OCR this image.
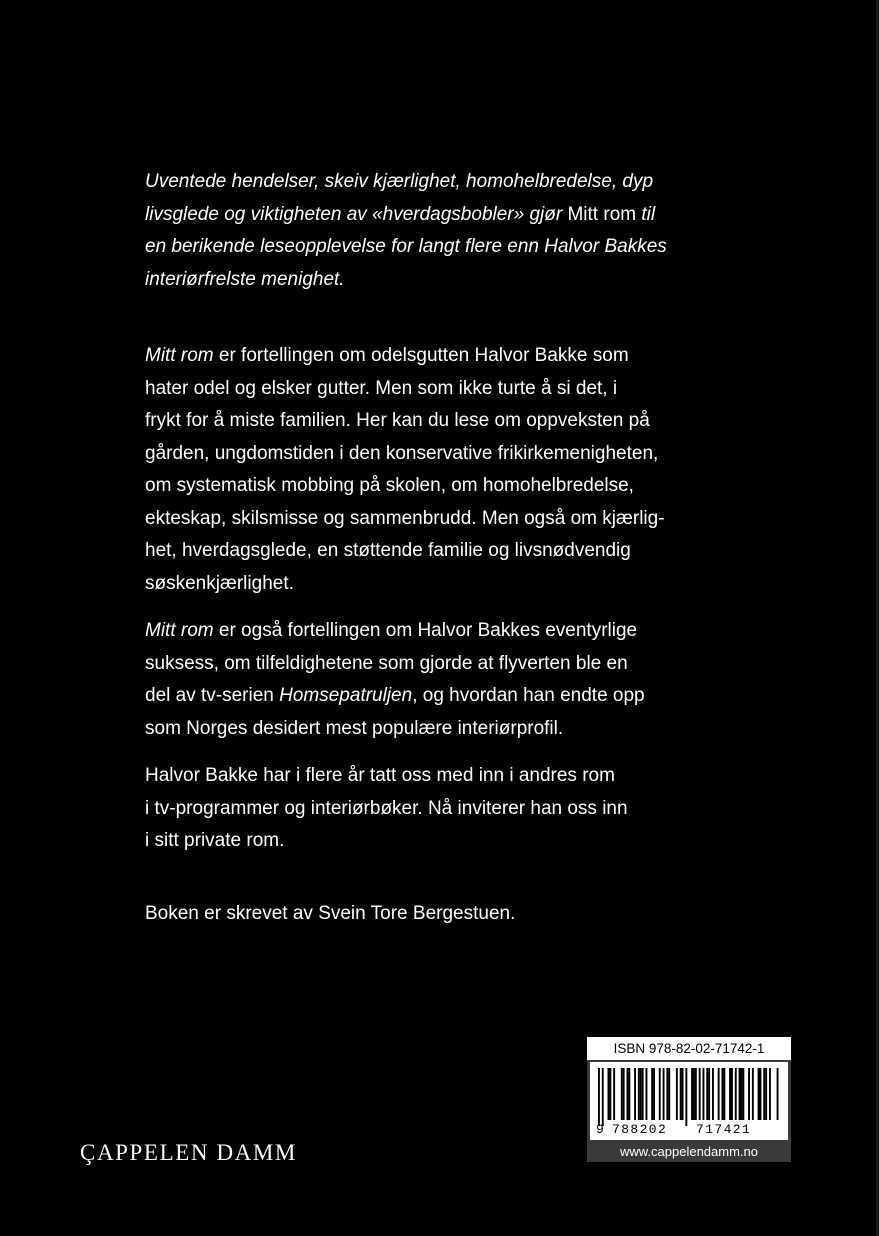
Uventede hendelser, skeiv kjærlighet, homohelbredelse, dyp
livsglede og viktigheten av «hverdagsbobler» gjør Mitt rom til
en berikende leseopplevelse for langt flere enn Halvor Bakkes
interiørfrelste menighet.

Mitt rom er fortellingen om odelsgutten Halvor Bakke som
hater odel og elsker gutter. Men som ikke turte å si det, i
frykt for å miste familien. Her kan du lese om oppveksten på
gården, ungdomstiden i den konservative frikirkemenigheten,
om systematisk mobbing på skolen, om homohelbredelse,
ekteskap, skilsmisse og sammenbrudd. Men også om kjærlig-
het, hverdagsglede, en støttende familie og livsnødvendig
søskenkjærlighet.

Mitt rom er også fortellingen om Halvor Bakkes eventyrlige
suksess, om tilfeldighetene som gjorde at flyverten ble en
del av tv-serien Homsepatruljen, og hvordan han endte opp
som Norges desidert mest populære interiørprofil.

Halvor Bakke har i flere år tatt oss med inn i andres rom
i tv-programmer og interiørbøker. Nå inviterer han oss inn
i sitt private rom.

Boken er skrevet av Svein Tore Bergestuen.

ÇAPPELEN DAMM
ISBN 978-82-02-71742-1
9 788202 717421
www.cappelendamm.no
